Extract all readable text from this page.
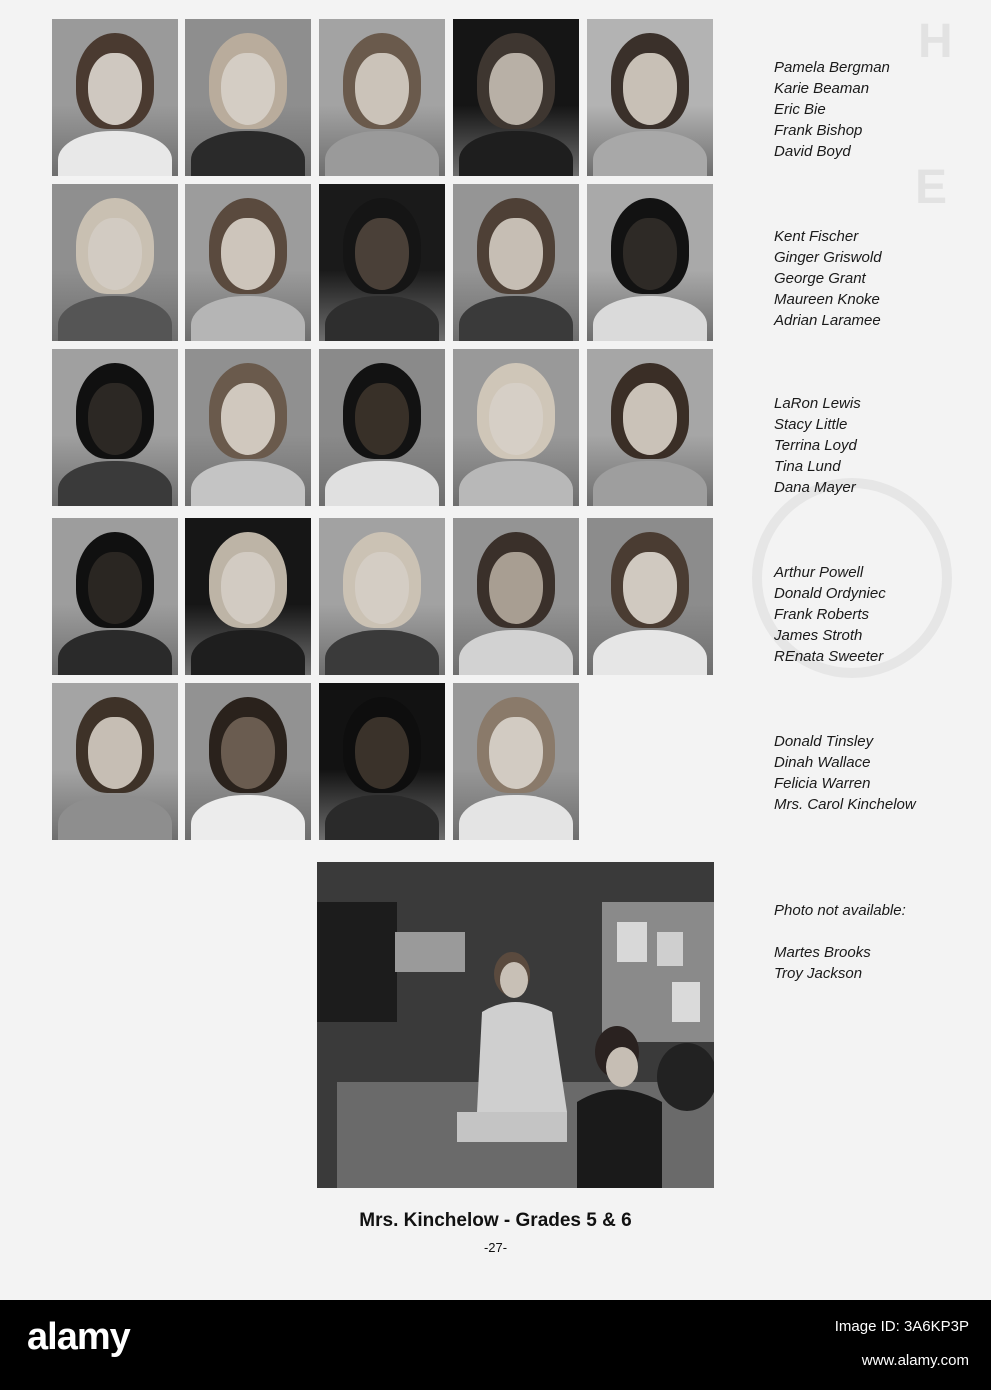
H
E
Pamela Bergman
Karie Beaman
Eric Bie
Frank Bishop
David Boyd
Kent Fischer
Ginger Griswold
George Grant
Maureen Knoke
Adrian Laramee
LaRon Lewis
Stacy Little
Terrina Loyd
Tina Lund
Dana Mayer
Arthur Powell
Donald Ordyniec
Frank Roberts
James Stroth
REnata Sweeter
Donald Tinsley
Dinah Wallace
Felicia Warren
Mrs. Carol Kinchelow
Photo not available:
Martes Brooks
Troy Jackson
Mrs. Kinchelow - Grades 5 & 6
-27-
alamy	Image ID: 3A6KP3P
www.alamy.com
